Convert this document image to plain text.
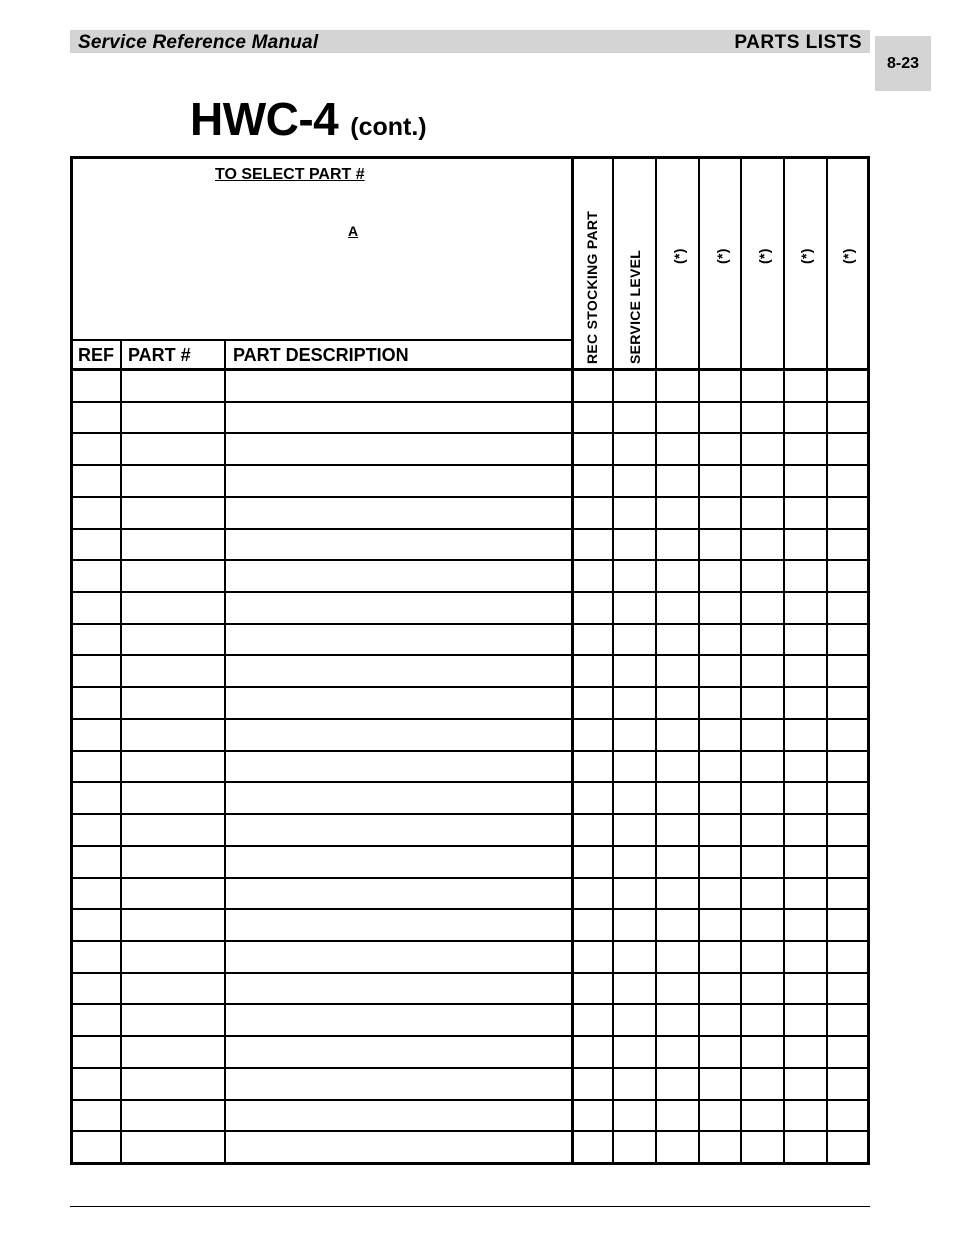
Service Reference Manual	PARTS LISTS
8-23
HWC-4 (cont.)
TO SELECT PART #
A
REF PART # PART DESCRIPTION	REC STOCKING PART SERVICE LEVEL (*) (*) (*) (*) (*)
